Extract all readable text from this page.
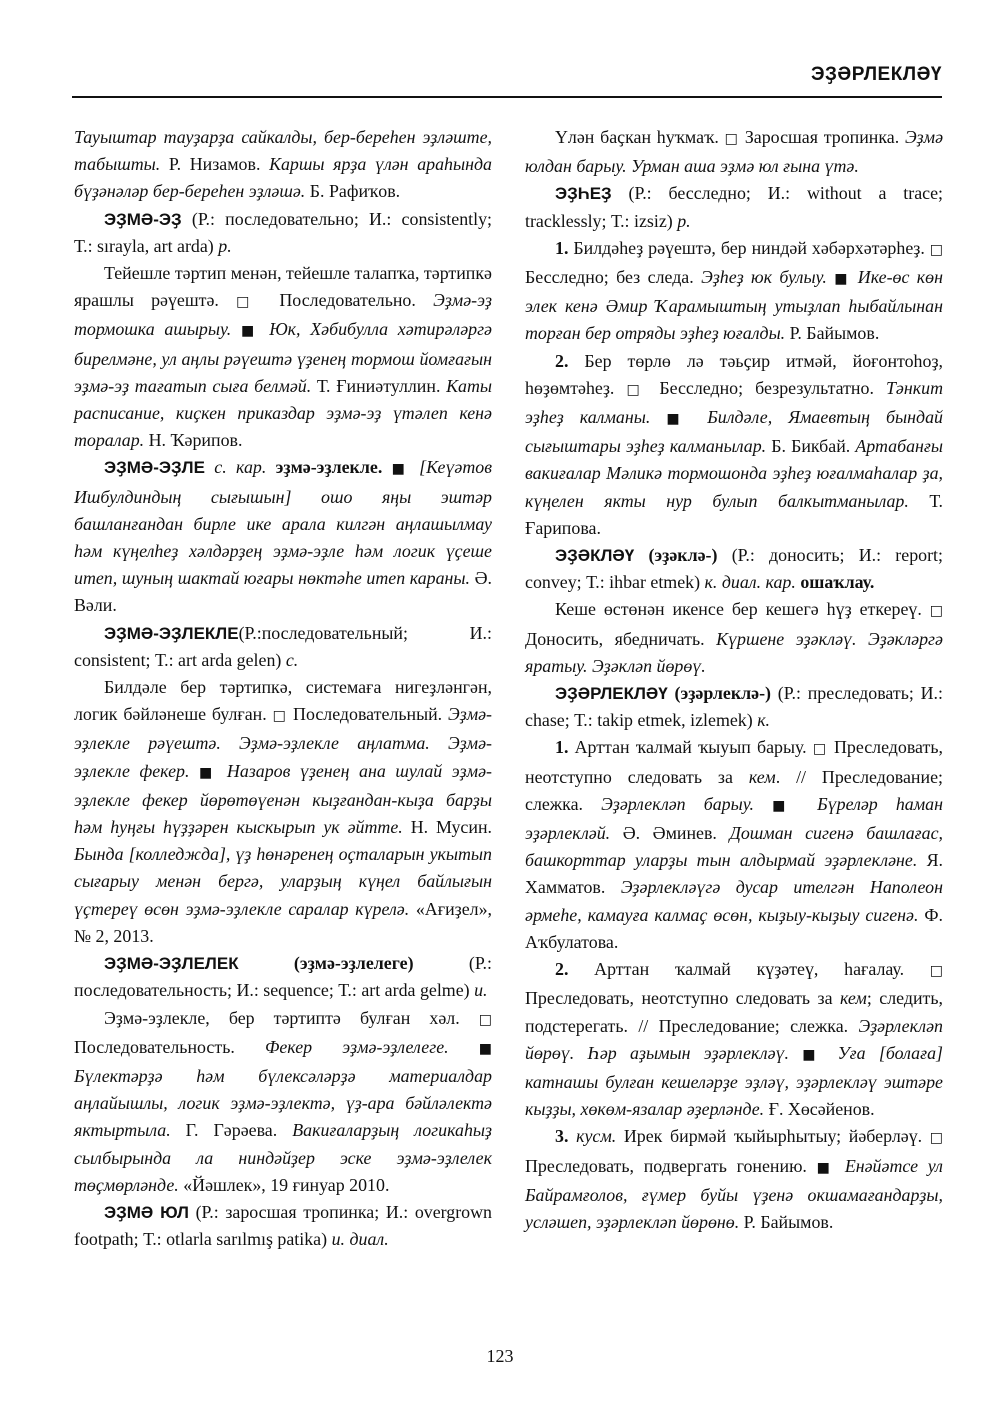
ЭҘӘРЛЕКЛӘҮ

Тауыштар тауҙарҙа сайкалды, бер-береһен эҙләште, табышты. Р. Низамов. Каршы ярҙа үлән араһында бүҙәнәләр бер-береһен эҙләшә. Б. Рафиҡов.

ЭҘМӘ-ЭҘ (Р.: последовательно; И.: consistently; Т.: sırayla, art arda) р.

Тейешле тәртип менән, тейешле талапҡа, тәртипкә ярашлы рәүештә. □ Последовательно. Эҙмә-эҙ тормошка ашырыу. ■ Юк, Хәбибулла хәтирәләргә бирелмәне, ул аңлы рәүештә үҙенең тормош йомғағын эҙмә-эҙ тағатып сыға белмәй. Т. Ғиниәтуллин. Каты расписание, киҫкен приказдар эҙмә-эҙ үтәлеп кенә торалар. Н. Ҡәрипов.

ЭҘМӘ-ЭҘЛЕ с. кар. эҙмә-эҙлекле. ■ [Кеүәтов Ишбулдиндың сығышын] ошо яңы эштәр башланғандан бирле ике арала килгән аңлашылмау һәм күңелһеҙ хәлдәрҙең эҙмә-эҙле һәм логик үҫеше итеп, шуның шактай юғары нөктәһе итеп караны. Ә. Вәли.

ЭҘМӘ-ЭҘЛЕКЛЕ(Р.:последовательный; И.: consistent; Т.: art arda gelen) с.

Билдәле бер тәртипкә, системаға нигеҙләнгән, логик бәйләнеше булған. □ Последовательный. Эҙмә-эҙлекле рәүештә. Эҙмә-эҙлекле аңлатма. Эҙмә-эҙлекле фекер. ■ Назаров үҙенең ана шулай эҙмә-эҙлекле фекер йөрөтөүенән кыҙғандан-кыҙа барҙы һәм һуңғы һүҙҙәрен кыскырып ук әйтте. Н. Мусин. Бында [колледжда], үҙ һөнәренең оҫталарын укытып сығарыу менән бергә, уларҙың күңел байлығын үҫтереү өсөн эҙмә-эҙлекле саралар күрелә. «Ағиҙел», № 2, 2013.

ЭҘМӘ-ЭҘЛЕЛЕК	(эҙмә-эҙлелеге) (Р.: последовательность; И.: sequence; Т.: art arda gelme) и.

Эҙмә-эҙлекле, бер тәртиптә булған хәл. □ Последовательность. Фекер эҙмә-эҙлелеге. ■ Бүлектәрҙә һәм бүлексәләрҙә материалдар аңлайышлы, логик эҙмә-эҙлектә, үҙ-ара бәйләлектә яктыртыла. Г. Гәрәева. Вакиғаларҙың логикаһыҙ сылбырында ла ниндәйҙер эске эҙмә-эҙлелек төҫмөрләнде. «Йәшлек», 19 ғинуар 2010.

ЭҘМӘ ЮЛ (Р.: заросшая тропинка; И.: overgrown footpath; Т.: otlarla sarılmış patika) и. диал.

Үлән баҫкан һуҡмаҡ. □ Заросшая тропинка. Эҙмә юлдан барыу. Урман аша эҙмә юл ғына үтә.

ЭҘҺЕҘ (Р.: бесследно; И.: without a trace; tracklessly; Т.: izsiz) р.

1. Билдәһеҙ рәүештә, бер ниндәй хәбәрхәтәрһеҙ. □ Бесследно; без следа. Эҙһеҙ юк булыу. ■ Ике-өс көн элек кенә Әмир Ҡарамыштың утыҙлап һыбайлынан торған бер отряды эҙһеҙ юғалды. Р. Байымов.

2. Бер төрлө лә тәьҫир итмәй, йоғонтоһоҙ, һөҙөмтәһеҙ. □ Бесследно; безрезультатно. Тәнкит эҙһеҙ калманы. ■ Билдәле, Ямаевтың бындай сығыштары эҙһеҙ калманылар. Б. Бикбай. Артабанғы вакиғалар Мәликә тормошонда эҙһеҙ юғалмаһалар ҙа, күңелен якты нур булып балкытманылар. Т. Ғарипова.

ЭҘӘКЛӘҮ (эҙәклә-) (Р.: доносить; И.: report; convey; Т.: ihbar etmek) к. диал. кар. ошаҡлау.

Кеше өстөнән икенсе бер кешегә һүҙ еткереү. □ Доносить, ябедничать. Күршене эҙәкләү. Эҙәкләргә яратыу. Эҙәкләп йөрөү.

ЭҘӘРЛЕКЛӘҮ (эҙәрлеклә-) (Р.: преследовать; И.: chase; Т.: takip etmek, izlemek) к.

1. Арттан ҡалмай ҡыуып барыу. □ Преследовать, неотступно следовать за кем. // Преследование; слежка. Эҙәрлекләп барыу. ■ Бүреләр һаман эҙәрлекләй. Ә. Әминев. Дошман сигенә башлағас, башкорттар уларҙы тын алдырмай эҙәрлекләне. Я. Хамматов. Эҙәрлекләүгә дусар ителгән Наполеон әрмеһе, камауға калмаҫ өсөн, кыҙыу-кыҙыу сигенә. Ф. Аҡбулатова.

2. Арттан ҡалмай күҙәтеү, һағалау. □ Преследовать, неотступно следовать за кем; следить, подстерегать. // Преследование; слежка. Эҙәрлекләп йөрөү. Һәр аҙымын эҙәрлекләү. ■ Уға [болаға] катнашы булған кешеләрҙе эҙләү, эҙәрлекләү эштәре кыҙҙы, хөкөм-язалар әҙерләнде. Ғ. Хөсәйенов.

3. кусм. Ирек бирмәй ҡыйырһытыу; йәберләү. □ Преследовать, подвергать гонению. ■ Енәйәтсе ул Байрамғолов, ғүмер буйы үҙенә окшамағандарҙы, усләшеп, эҙәрлекләп йөрөнө. Р. Байымов.

123
